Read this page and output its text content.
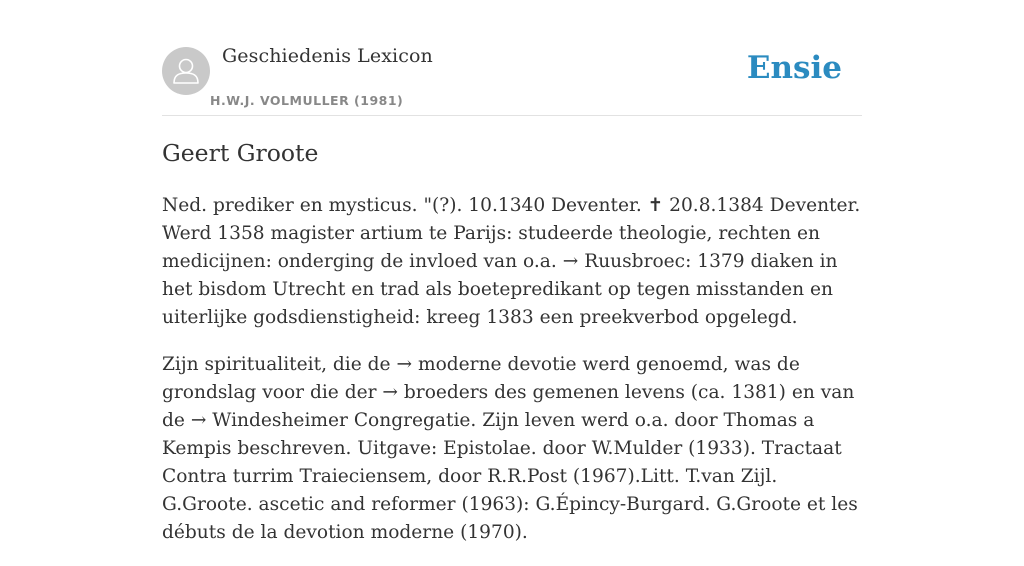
Geschiedenis Lexicon
H.W.J. VOLMULLER (1981)
Ensie
Geert Groote

Ned. prediker en mysticus. "(?). 10.1340 Deventer. ✝ 20.8.1384 Deventer. Werd 1358 magister artium te Parijs: studeerde theologie, rechten en medicijnen: onderging de invloed van o.a. → Ruusbroec: 1379 diaken in het bisdom Utrecht en trad als boetepredikant op tegen misstanden en uiterlijke godsdienstigheid: kreeg 1383 een preekverbod opgelegd.

Zijn spiritualiteit, die de → moderne devotie werd genoemd, was de grondslag voor die der → broeders des gemenen levens (ca. 1381) en van de → Windesheimer Congregatie. Zijn leven werd o.a. door Thomas a Kempis beschreven. Uitgave: Epistolae. door W.Mulder (1933). Tractaat Contra turrim Traieciensem, door R.R.Post (1967).Litt. T.van Zijl. G.Groote. ascetic and reformer (1963): G.Épincy-Burgard. G.Groote et les débuts de la devotion moderne (1970).
